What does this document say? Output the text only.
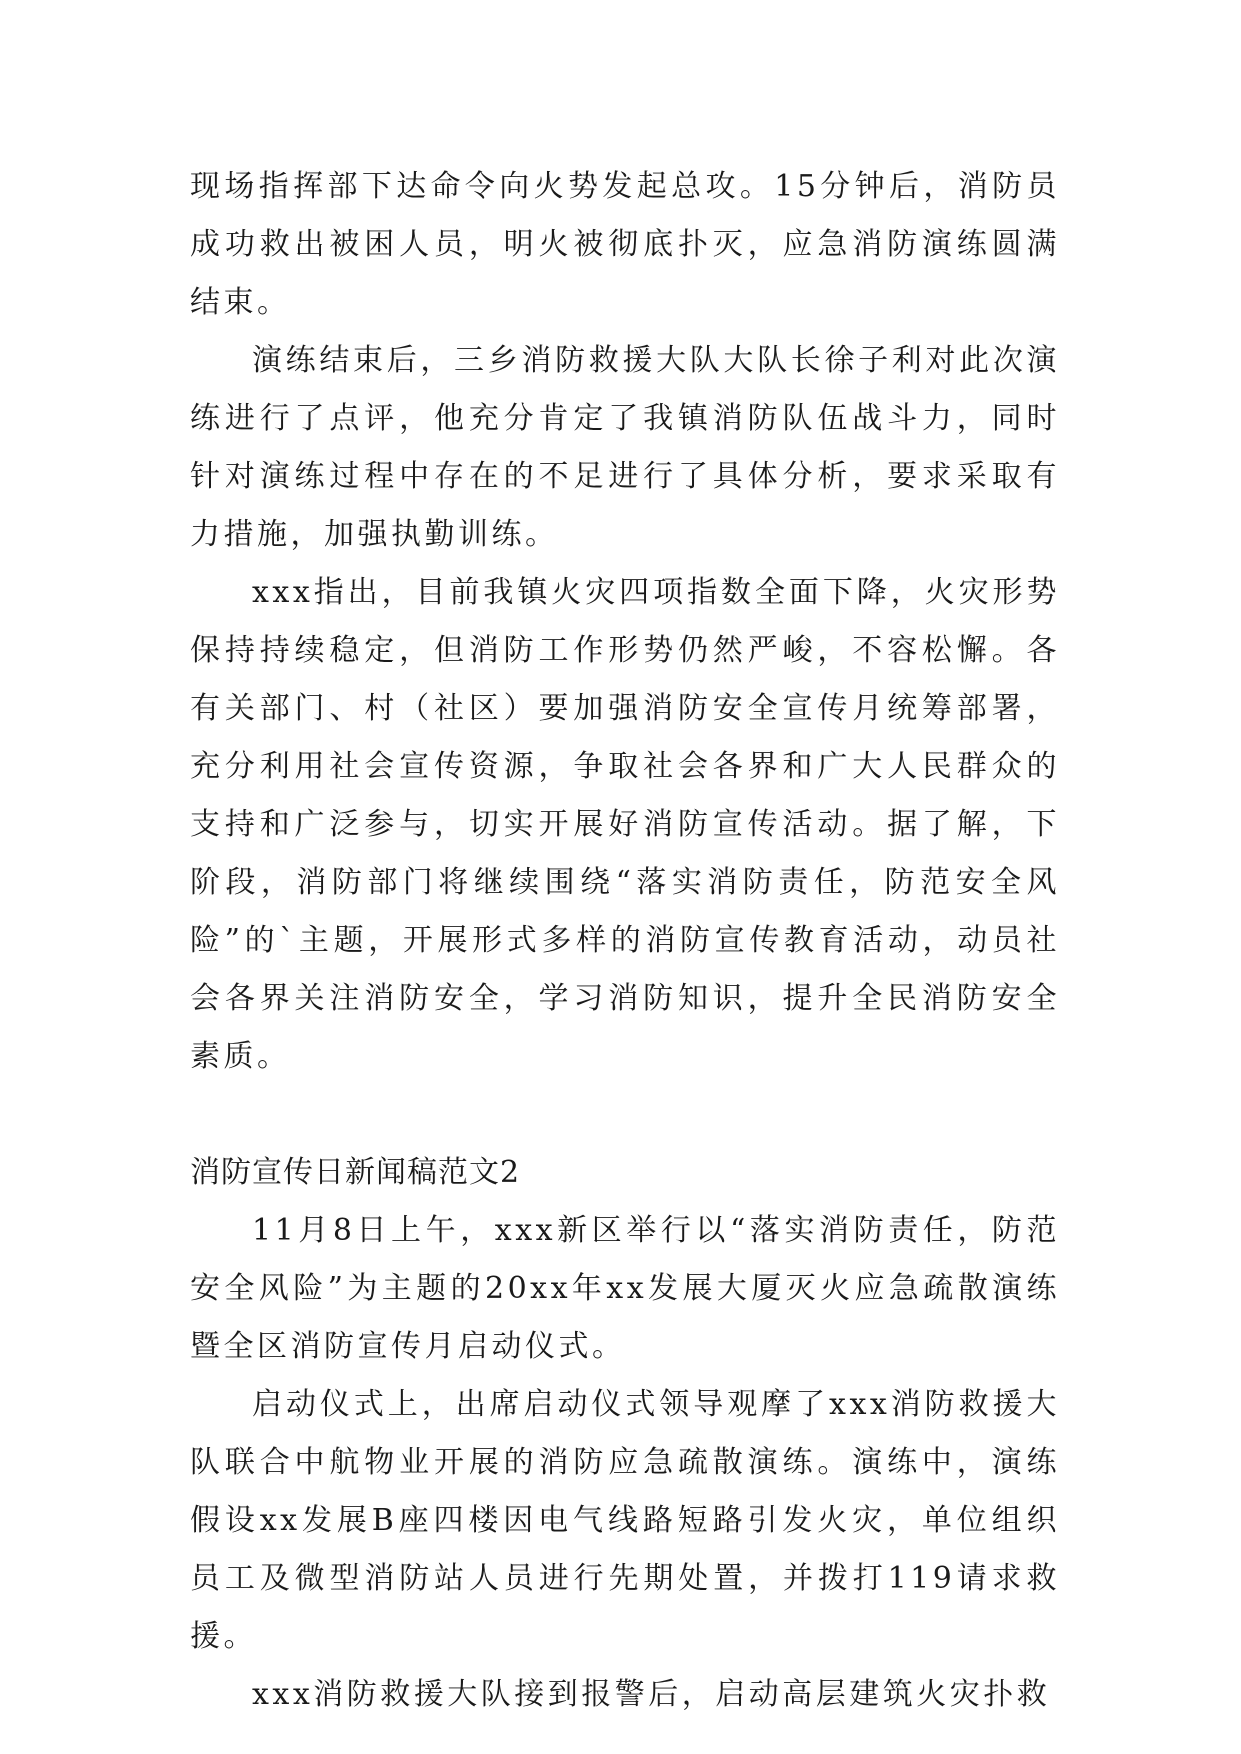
现场指挥部下达命令向火势发起总攻。15分钟后，消防员成功救出被困人员，明火被彻底扑灭，应急消防演练圆满结束。

演练结束后，三乡消防救援大队大队长徐子利对此次演练进行了点评，他充分肯定了我镇消防队伍战斗力，同时针对演练过程中存在的不足进行了具体分析，要求采取有力措施，加强执勤训练。

xxx指出，目前我镇火灾四项指数全面下降，火灾形势保持持续稳定，但消防工作形势仍然严峻，不容松懈。各有关部门、村（社区）要加强消防安全宣传月统筹部署，充分利用社会宣传资源，争取社会各界和广大人民群众的支持和广泛参与，切实开展好消防宣传活动。据了解，下阶段，消防部门将继续围绕“落实消防责任，防范安全风险”的`主题，开展形式多样的消防宣传教育活动，动员社会各界关注消防安全，学习消防知识，提升全民消防安全素质。

消防宣传日新闻稿范文2

11月8日上午，xxx新区举行以“落实消防责任，防范安全风险”为主题的20xx年xx发展大厦灭火应急疏散演练暨全区消防宣传月启动仪式。

启动仪式上，出席启动仪式领导观摩了xxx消防救援大队联合中航物业开展的消防应急疏散演练。演练中，演练假设xx发展B座四楼因电气线路短路引发火灾，单位组织员工及微型消防站人员进行先期处置，并拨打119请求救援。

xxx消防救援大队接到报警后，启动高层建筑火灾扑救
